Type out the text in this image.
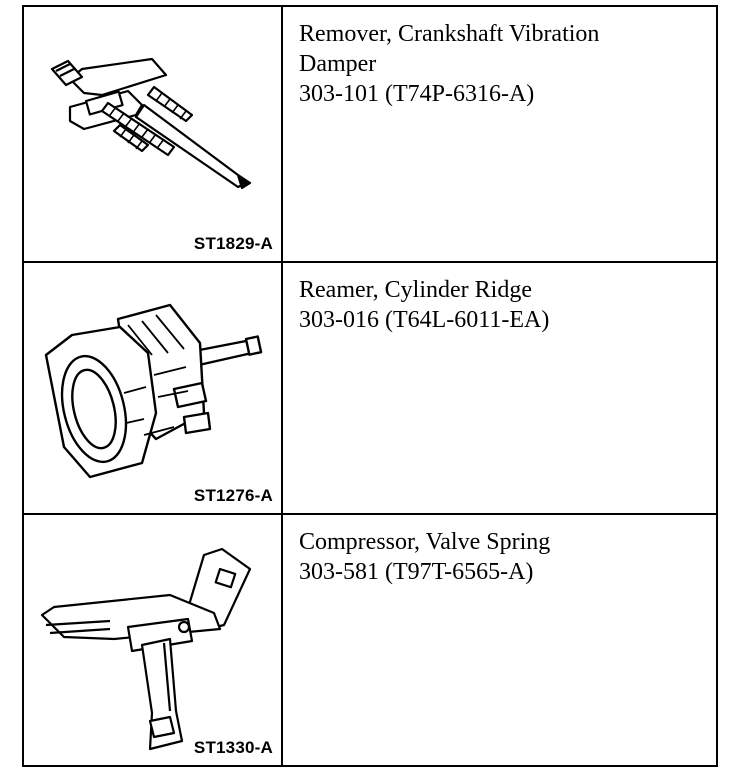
ST1829-A
Remover, Crankshaft Vibration
Damper
303-101 (T74P-6316-A)
ST1276-A
Reamer, Cylinder Ridge
303-016 (T64L-6011-EA)
ST1330-A
Compressor, Valve Spring
303-581 (T97T-6565-A)
